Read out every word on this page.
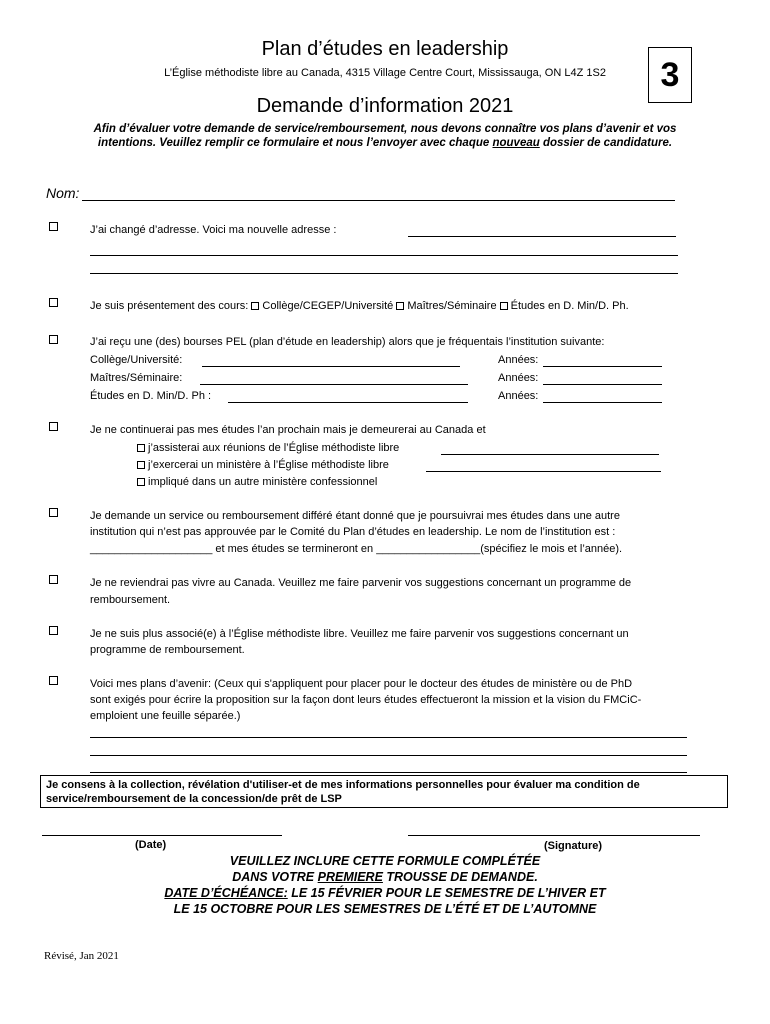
Plan d’études en leadership
L’Église méthodiste libre au Canada, 4315 Village Centre Court, Mississauga, ON L4Z 1S2	3
Demande d’information 2021
Afin d’évaluer votre demande de service/remboursement, nous devons connaître vos plans d’avenir et vos
intentions. Veuillez remplir ce formulaire et nous l’envoyer avec chaque nouveau dossier de candidature.
Nom:
J’ai changé d’adresse. Voici ma nouvelle adresse :
Je suis présentement des cours: Collège/CEGEP/Université Maîtres/Séminaire Études en D. Min/D. Ph.
J’ai reçu une (des) bourses PEL (plan d’étude en leadership) alors que je fréquentais l’institution suivante:
Collège/Université:	Années:
Maîtres/Séminaire:	Années:
Études en D. Min/D. Ph :	Années:
Je ne continuerai pas mes études l’an prochain mais je demeurerai au Canada et
j’assisterai aux réunions de l’Église méthodiste libre
j’exercerai un ministère à l’Église méthodiste libre
impliqué dans un autre ministère confessionnel
Je demande un service ou remboursement différé étant donné que je poursuivrai mes études dans une autre
institution qui n’est pas approuvée par le Comité du Plan d’études en leadership. Le nom de l’institution est :
____________________ et mes études se termineront en _________________(spécifiez le mois et l’année).
Je ne reviendrai pas vivre au Canada. Veuillez me faire parvenir vos suggestions concernant un programme de
remboursement.
Je ne suis plus associé(e) à l’Église méthodiste libre. Veuillez me faire parvenir vos suggestions concernant un
programme de remboursement.
Voici mes plans d’avenir: (Ceux qui s'appliquent pour placer pour le docteur des études de ministère ou de PhD
sont exigés pour écrire la proposition sur la façon dont leurs études effectueront la mission et la vision du FMCiC-
emploient une feuille séparée.)
Je consens à la collection, révélation d'utiliser-et de mes informations personnelles pour évaluer ma condition de
service/remboursement de la concession/de prêt de LSP
(Date)	(Signature)
VEUILLEZ INCLURE CETTE FORMULE COMPLÉTÉE
DANS VOTRE PREMIERE TROUSSE DE DEMANDE.
DATE D’ÉCHÉANCE: LE 15 FÉVRIER POUR LE SEMESTRE DE L’HIVER ET
LE 15 OCTOBRE POUR LES SEMESTRES DE L’ÉTÉ ET DE L’AUTOMNE
Révisé, Jan 2021
